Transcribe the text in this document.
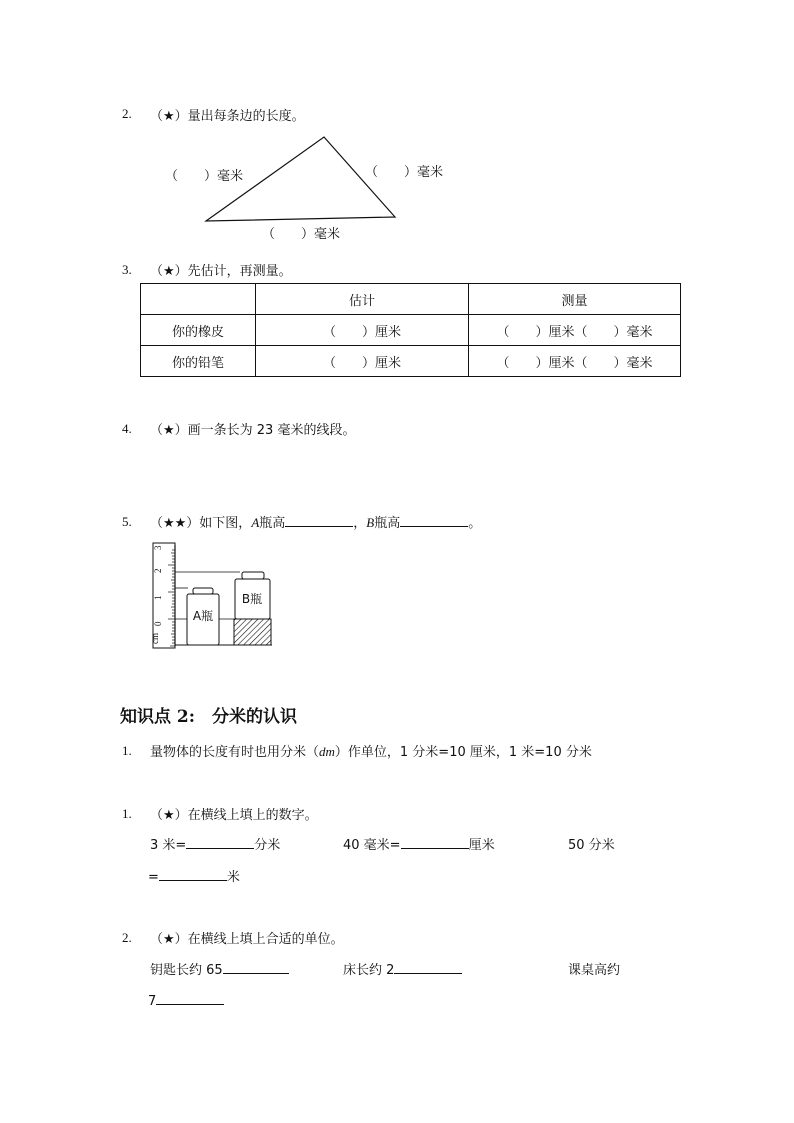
2. （★）量出每条边的长度。
（　　）毫米	（　　）毫米
（　　）毫米
3. （★）先估计，再测量。
	估计	测量
你的橡皮	（　　）厘米	（　　）厘米（　　）毫米
你的铅笔	（　　）厘米	（　　）厘米（　　）毫米
4. （★）画一条长为 23 毫米的线段。
5. （★★）如下图，A瓶高	，B瓶高	。
cm
0
1
2
3
A瓶
B瓶
知识点 2:　分米的认识
1. 量物体的长度有时也用分米（dm）作单位，1 分米=10 厘米，1 米=10 分米
1. （★）在横线上填上的数字。
3 米=	分米	40 毫米=	厘米	50 分米
=	米
2. （★）在横线上填上合适的单位。
钥匙长约 65	床长约 2	课桌高约
7
